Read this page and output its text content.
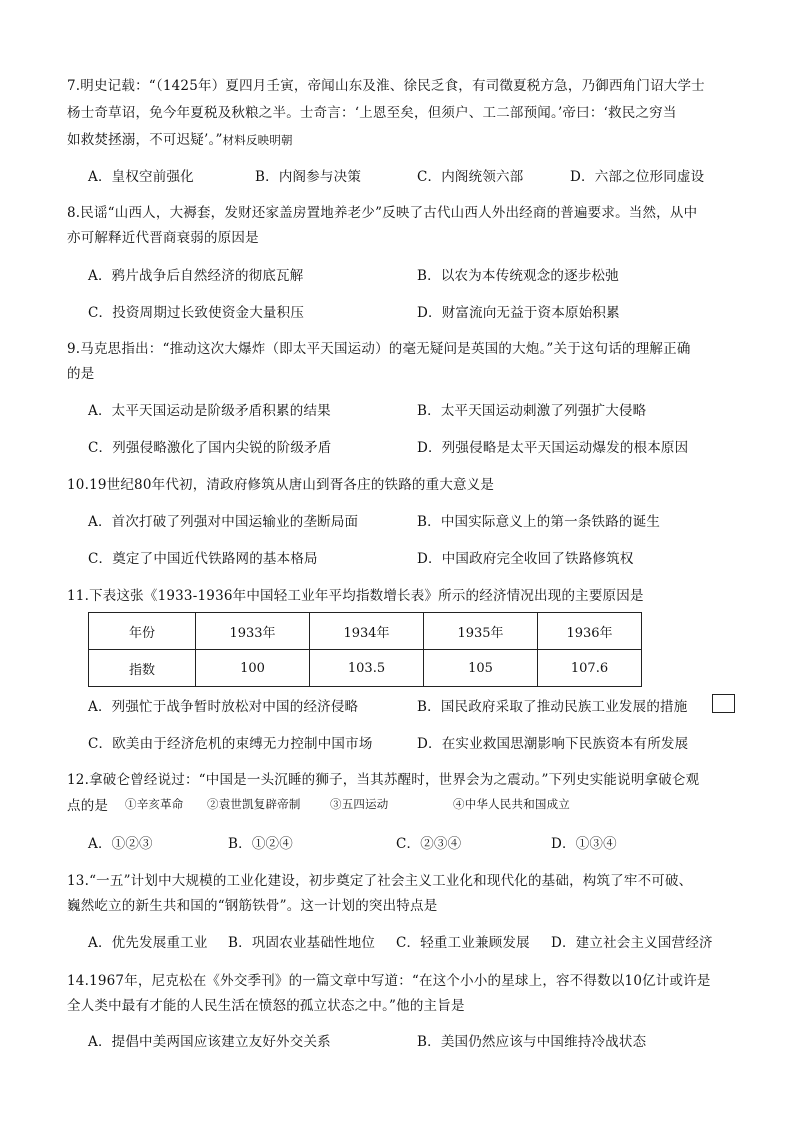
7.明史记载：“（1425年）夏四月壬寅，帝闻山东及淮、徐民乏食，有司徵夏税方急，乃御西角门诏大学士
杨士奇草诏，免今年夏税及秋粮之半。士奇言：‘上恩至矣，但须户、工二部预闻。’帝曰：‘救民之穷当
如救焚拯溺，不可迟疑’。”材料反映明朝
A．皇权空前强化	B．内阁参与决策	C．内阁统领六部	D．六部之位形同虚设
8.民谣“山西人，大褥套，发财还家盖房置地养老少”反映了古代山西人外出经商的普遍要求。当然，从中
亦可解释近代晋商衰弱的原因是
A．鸦片战争后自然经济的彻底瓦解	B．以农为本传统观念的逐步松弛
C．投资周期过长致使资金大量积压	D．财富流向无益于资本原始积累
9.马克思指出：“推动这次大爆炸（即太平天国运动）的毫无疑问是英国的大炮。”关于这句话的理解正确
的是
A．太平天国运动是阶级矛盾积累的结果	B．太平天国运动刺激了列强扩大侵略
C．列强侵略激化了国内尖锐的阶级矛盾	D．列强侵略是太平天国运动爆发的根本原因
10.19世纪80年代初，清政府修筑从唐山到胥各庄的铁路的重大意义是
A．首次打破了列强对中国运输业的垄断局面	B．中国实际意义上的第一条铁路的诞生
C．奠定了中国近代铁路网的基本格局	D．中国政府完全收回了铁路修筑权
11.下表这张《1933-1936年中国轻工业年平均指数增长表》所示的经济情况出现的主要原因是
年份	1933年	1934年	1935年	1936年
指数	100	103.5	105	107.6
A．列强忙于战争暂时放松对中国的经济侵略	B．国民政府采取了推动民族工业发展的措施
C．欧美由于经济危机的束缚无力控制中国市场	D．在实业救国思潮影响下民族资本有所发展
12.拿破仑曾经说过：“中国是一头沉睡的狮子，当其苏醒时，世界会为之震动。”下列史实能说明拿破仑观
点的是 ①辛亥革命 ②袁世凯复辟帝制	③五四运动	④中华人民共和国成立
A．①②③	B．①②④	C．②③④	D．①③④
13.“一五”计划中大规模的工业化建设，初步奠定了社会主义工业化和现代化的基础，构筑了牢不可破、
巍然屹立的新生共和国的“钢筋铁骨”。这一计划的突出特点是
A．优先发展重工业 B．巩固农业基础性地位 C．轻重工业兼顾发展 D．建立社会主义国营经济
14.1967年，尼克松在《外交季刊》的一篇文章中写道：“在这个小小的星球上，容不得数以10亿计或许是
全人类中最有才能的人民生活在愤怒的孤立状态之中。”他的主旨是
A．提倡中美两国应该建立友好外交关系	B．美国仍然应该与中国维持冷战状态
